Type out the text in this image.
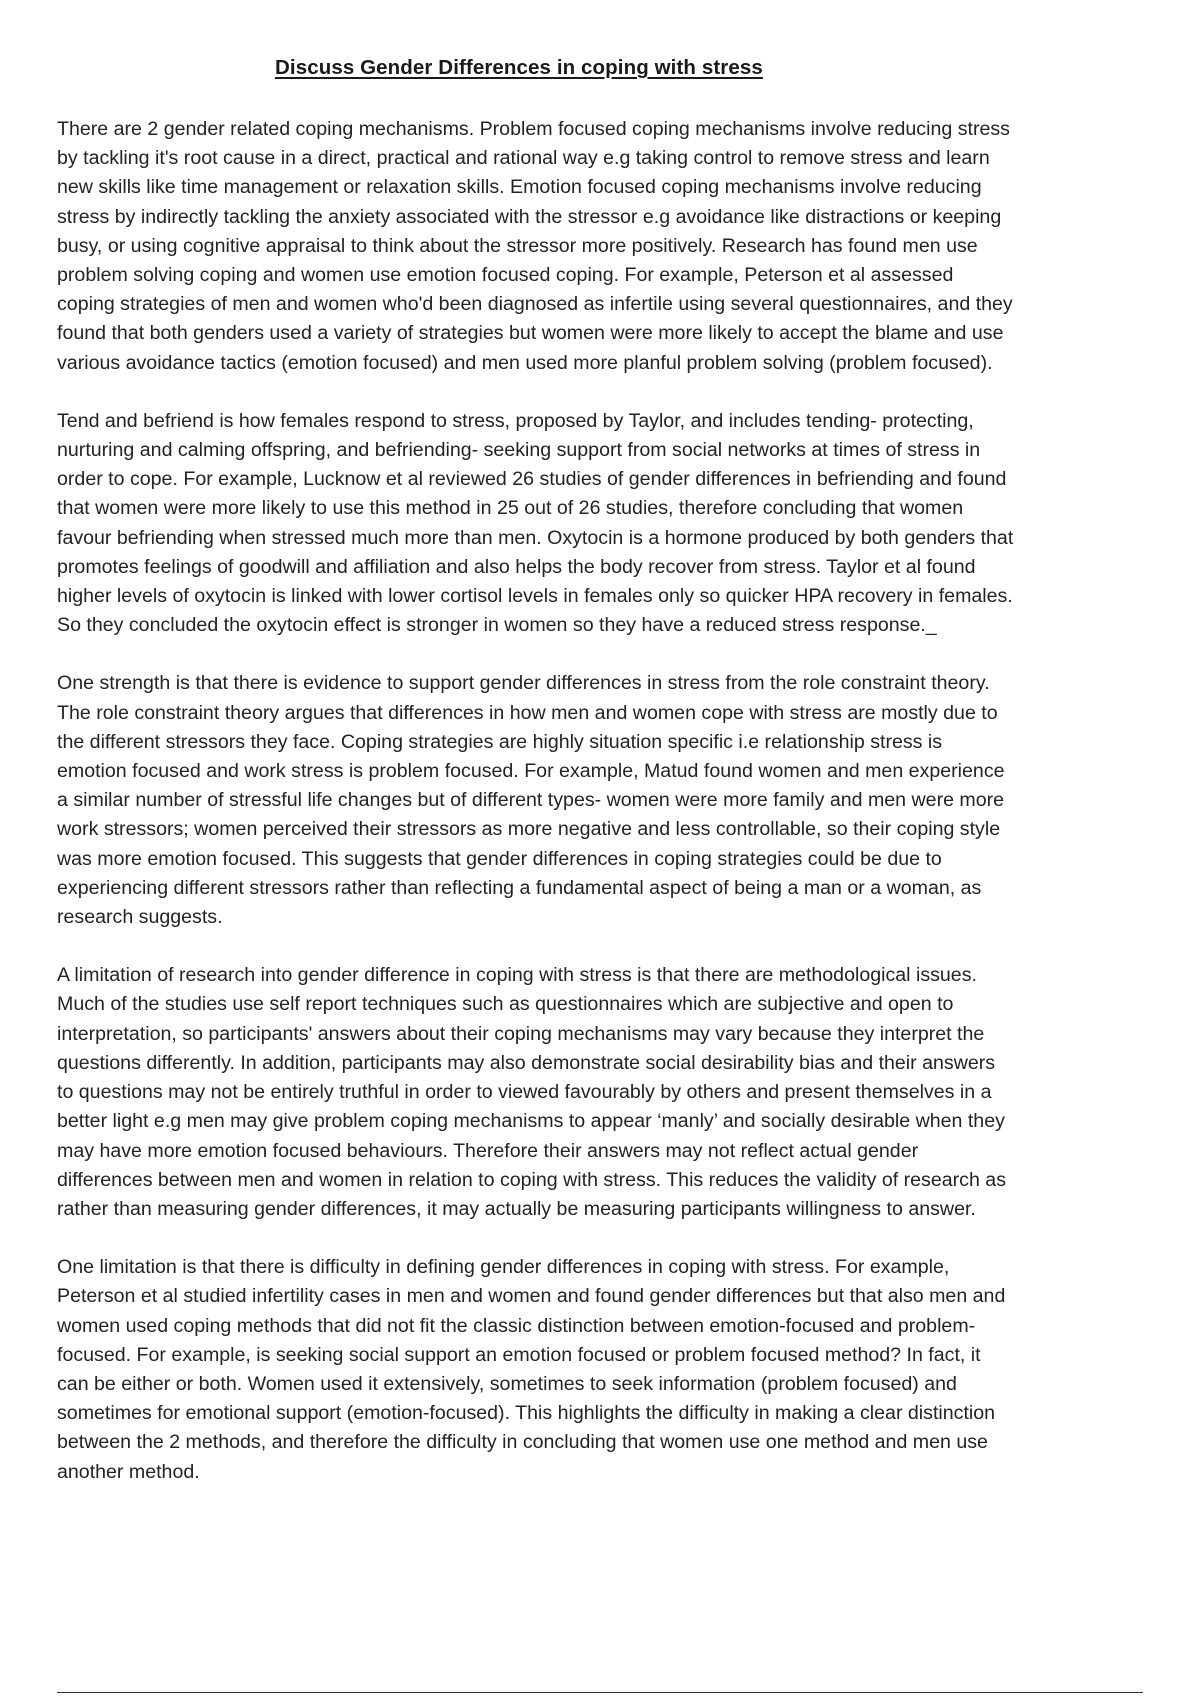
Discuss Gender Differences in coping with stress

There are 2 gender related coping mechanisms. Problem focused coping mechanisms involve reducing stress
by tackling it's root cause in a direct, practical and rational way e.g taking control to remove stress and learn
new skills like time management or relaxation skills. Emotion focused coping mechanisms involve reducing
stress by indirectly tackling the anxiety associated with the stressor e.g avoidance like distractions or keeping
busy, or using cognitive appraisal to think about the stressor more positively. Research has found men use
problem solving coping and women use emotion focused coping. For example, Peterson et al assessed
coping strategies of men and women who'd been diagnosed as infertile using several questionnaires, and they
found that both genders used a variety of strategies but women were more likely to accept the blame and use
various avoidance tactics (emotion focused) and men used more planful problem solving (problem focused).

Tend and befriend is how females respond to stress, proposed by Taylor, and includes tending- protecting,
nurturing and calming offspring, and befriending- seeking support from social networks at times of stress in
order to cope. For example, Lucknow et al reviewed 26 studies of gender differences in befriending and found
that women were more likely to use this method in 25 out of 26 studies, therefore concluding that women
favour befriending when stressed much more than men. Oxytocin is a hormone produced by both genders that
promotes feelings of goodwill and affiliation and also helps the body recover from stress. Taylor et al found
higher levels of oxytocin is linked with lower cortisol levels in females only so quicker HPA recovery in females.
So they concluded the oxytocin effect is stronger in women so they have a reduced stress response._

One strength is that there is evidence to support gender differences in stress from the role constraint theory.
The role constraint theory argues that differences in how men and women cope with stress are mostly due to
the different stressors they face. Coping strategies are highly situation specific i.e relationship stress is
emotion focused and work stress is problem focused. For example, Matud found women and men experience
a similar number of stressful life changes but of different types- women were more family and men were more
work stressors; women perceived their stressors as more negative and less controllable, so their coping style
was more emotion focused. This suggests that gender differences in coping strategies could be due to
experiencing different stressors rather than reflecting a fundamental aspect of being a man or a woman, as
research suggests.

A limitation of research into gender difference in coping with stress is that there are methodological issues.
Much of the studies use self report techniques such as questionnaires which are subjective and open to
interpretation, so participants' answers about their coping mechanisms may vary because they interpret the
questions differently. In addition, participants may also demonstrate social desirability bias and their answers
to questions may not be entirely truthful in order to viewed favourably by others and present themselves in a
better light e.g men may give problem coping mechanisms to appear ‘manly’ and socially desirable when they
may have more emotion focused behaviours. Therefore their answers may not reflect actual gender
differences between men and women in relation to coping with stress. This reduces the validity of research as
rather than measuring gender differences, it may actually be measuring participants willingness to answer.

One limitation is that there is difficulty in defining gender differences in coping with stress. For example,
Peterson et al studied infertility cases in men and women and found gender differences but that also men and
women used coping methods that did not fit the classic distinction between emotion-focused and problem-
focused. For example, is seeking social support an emotion focused or problem focused method? In fact, it
can be either or both. Women used it extensively, sometimes to seek information (problem focused) and
sometimes for emotional support (emotion-focused). This highlights the difficulty in making a clear distinction
between the 2 methods, and therefore the difficulty in concluding that women use one method and men use
another method.
